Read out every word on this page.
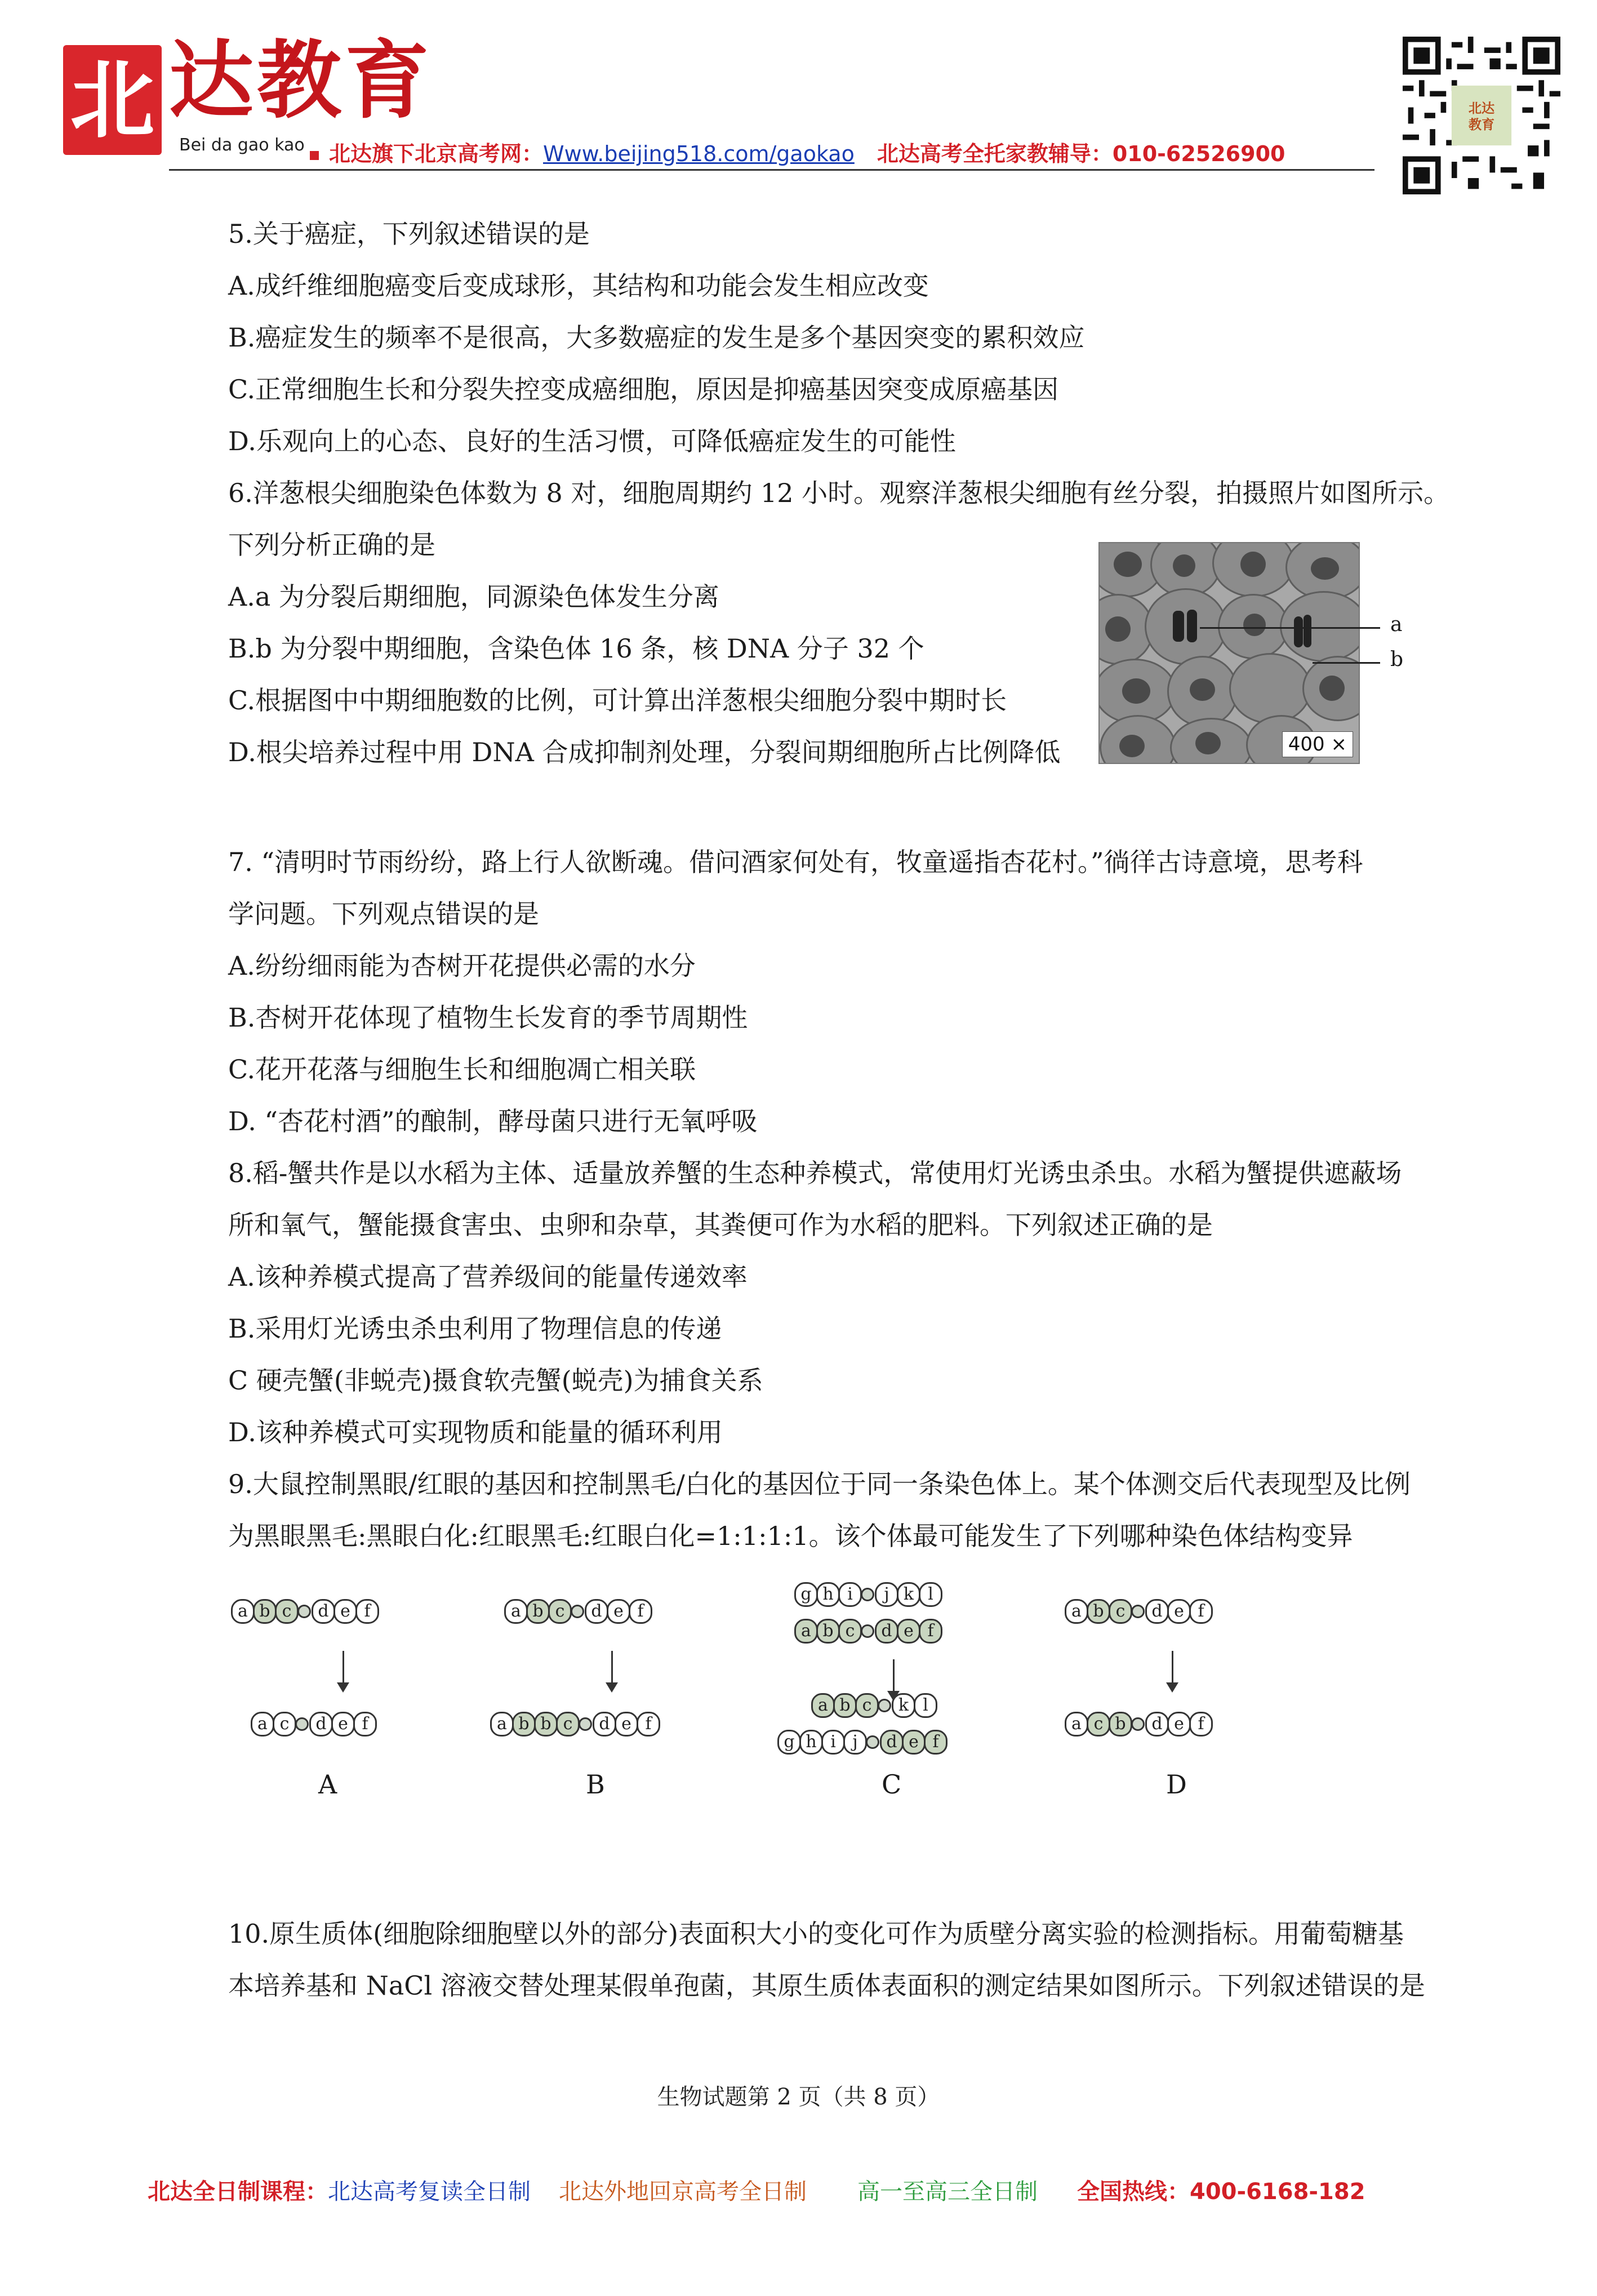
北 达教育
Bei da gao kao	北达旗下北京高考网：Www.beijing518.com/gaokao 北达高考全托家教辅导：010-62526900
北达
教育
5.关于癌症，下列叙述错误的是
A.成纤维细胞癌变后变成球形，其结构和功能会发生相应改变
B.癌症发生的频率不是很高，大多数癌症的发生是多个基因突变的累积效应
C.正常细胞生长和分裂失控变成癌细胞，原因是抑癌基因突变成原癌基因
D.乐观向上的心态、良好的生活习惯，可降低癌症发生的可能性
6.洋葱根尖细胞染色体数为 8 对，细胞周期约 12 小时。观察洋葱根尖细胞有丝分裂，拍摄照片如图所示。
下列分析正确的是
A.a 为分裂后期细胞，同源染色体发生分离
B.b 为分裂中期细胞，含染色体 16 条，核 DNA 分子 32 个
C.根据图中中期细胞数的比例，可计算出洋葱根尖细胞分裂中期时长
D.根尖培养过程中用 DNA 合成抑制剂处理，分裂间期细胞所占比例降低	400 ×
a
b
7. “清明时节雨纷纷，路上行人欲断魂。借问酒家何处有，牧童遥指杏花村。”徜徉古诗意境，思考科
学问题。下列观点错误的是
A.纷纷细雨能为杏树开花提供必需的水分
B.杏树开花体现了植物生长发育的季节周期性
C.花开花落与细胞生长和细胞凋亡相关联
D. “杏花村酒”的酿制，酵母菌只进行无氧呼吸
8.稻-蟹共作是以水稻为主体、适量放养蟹的生态种养模式，常使用灯光诱虫杀虫。水稻为蟹提供遮蔽场
所和氧气，蟹能摄食害虫、虫卵和杂草，其粪便可作为水稻的肥料。下列叙述正确的是
A.该种养模式提高了营养级间的能量传递效率
B.采用灯光诱虫杀虫利用了物理信息的传递
C 硬壳蟹(非蜕壳)摄食软壳蟹(蜕壳)为捕食关系
D.该种养模式可实现物质和能量的循环利用
9.大鼠控制黑眼/红眼的基因和控制黑毛/白化的基因位于同一条染色体上。某个体测交后代表现型及比例
为黑眼黑毛:黑眼白化:红眼黑毛:红眼白化=1:1:1:1。该个体最可能发生了下列哪种染色体结构变异
a b c	d e f
a c	d e f
A
a b c	d e f
a b b c	d e f
B
g h i	j k l
a b c	d e f
a b c	k l
g h i j	d e f
C
a b c	d e f
a c b	d e f
D
10.原生质体(细胞除细胞壁以外的部分)表面积大小的变化可作为质壁分离实验的检测指标。用葡萄糖基
本培养基和 NaCl 溶液交替处理某假单孢菌，其原生质体表面积的测定结果如图所示。下列叙述错误的是
生物试题第 2 页（共 8 页）
北达全日制课程：北达高考复读全日制 北达外地回京高考全日制 高一至高三全日制 全国热线：400-6168-182
